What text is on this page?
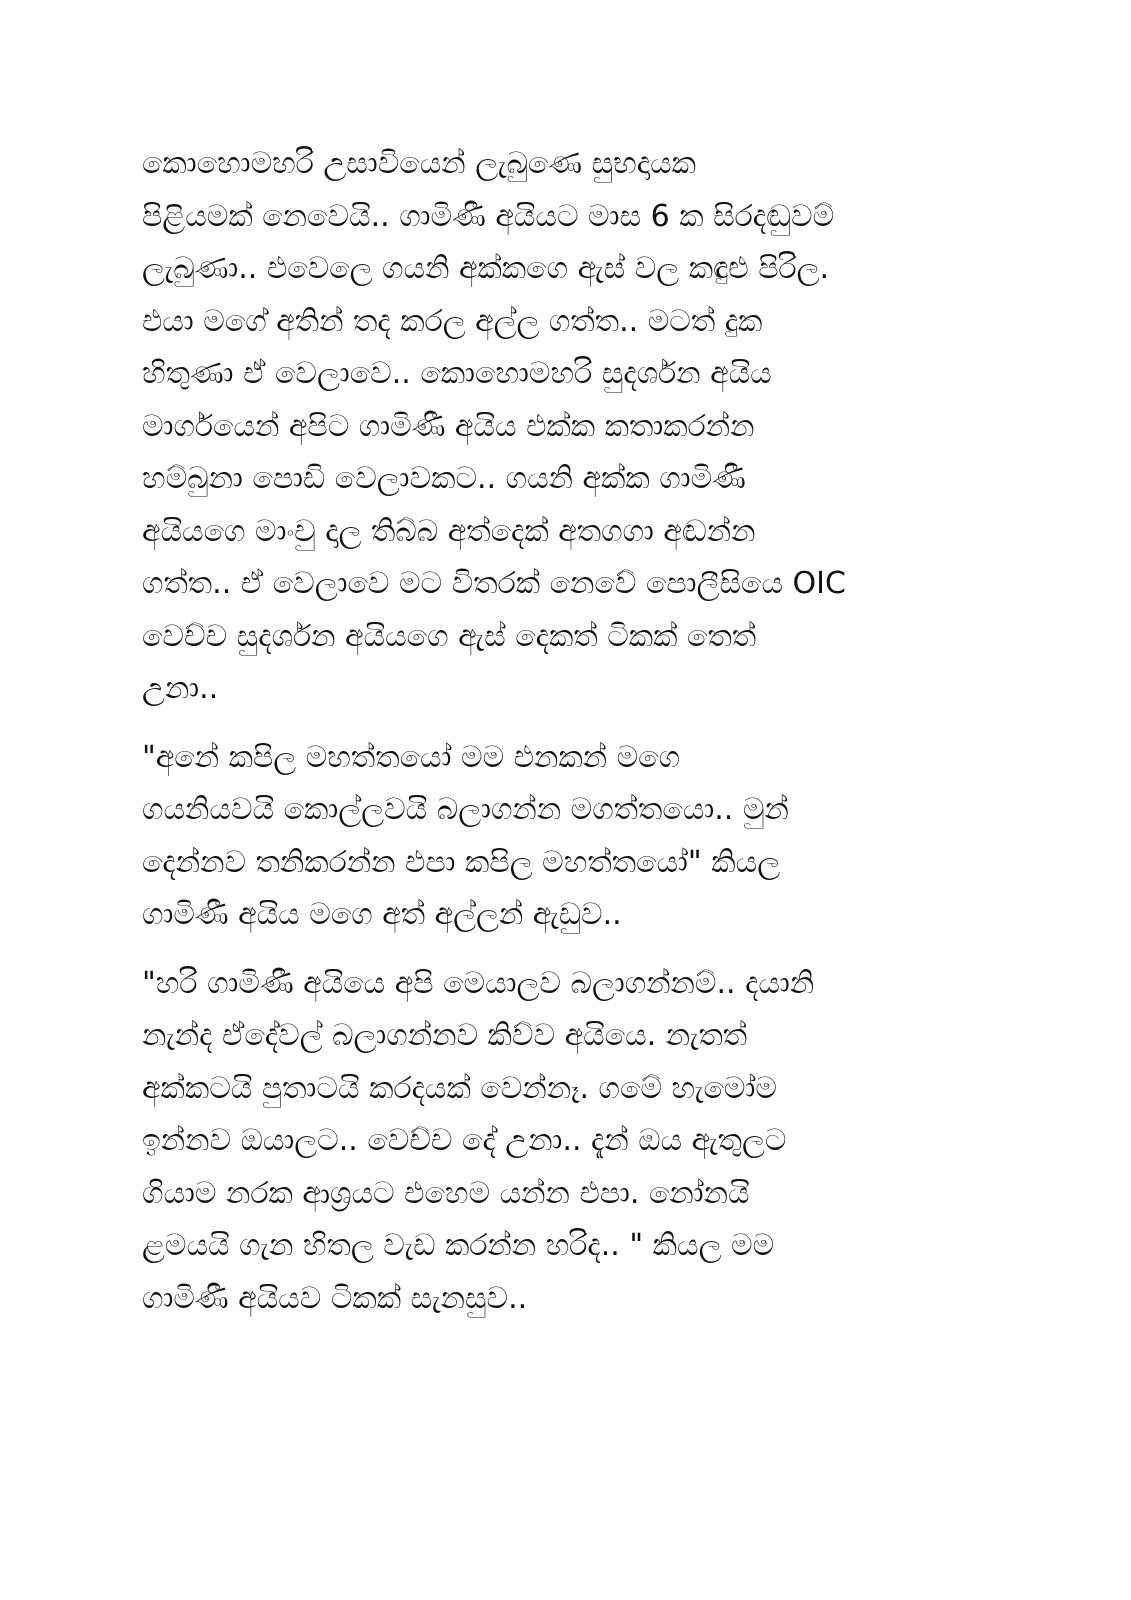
කොහොමහරි උසාවියෙන් ලැබුණෙ සුභදායක
පිළියමක් නෙවෙයි.. ගාමිණී අයියට මාස 6 ක සිරදඬුවම්
ලැබුණා.. එවෙලෙ ගයනි අක්කගෙ ඇස් වල කඳුළු පිරිල.
එයා මගේ අතින් තද කරල අල්ල ගත්ත.. මටත් දුක
හිතුණා ඒ වෙලාවෙ.. කොහොමහරි සුදර්ශන අයිය
මාර්ගයෙන් අපිට ගාමිණී අයිය එක්ක කතාකරන්න
හම්බුනා පොඩි වෙලාවකට.. ගයනි අක්ක ගාමිණී
අයියගෙ මාංචු දාල තිබ්බ අත්දෙක් අතගගා අඬන්න
ගත්ත.. ඒ වෙලාවෙ මට විතරක් නෙවේ පොලීසියෙ OIC
වෙච්ච සුදර්ශන අයියගෙ ඇස් දෙකත් ටිකක් තෙත්
උනා..

"අනේ කපිල මහත්තයෝ මම එනකන් මගෙ
ගයනියවයි කොල්ලවයි බලාගන්න මගත්තයො.. මුන්
දෙන්නව තනිකරන්න එපා කපිල මහත්තයෝ" කියල
ගාමිණී අයිය මගෙ අත් අල්ලන් ඇඩුව..

"හරි ගාමිණී අයියෙ අපි මෙයාලව බලාගන්නම්.. දයානි
නැන්ද ඒදේවල් බලාගන්නව කිව්ව අයියෙ. නැතත්
අක්කටයි පුතාටයි කරදයක් වෙන්නෑ. ගමේ හැමෝම
ඉන්නව ඔයාලට.. වෙච්ච දේ උනා.. දැන් ඔය ඇතුලට
ගියාම නරක ආශ්‍රයට එහෙම යන්න එපා. නෝනයි
ළමයයි ගැන හිතල වැඩ කරන්න හරිද.. " කියල මම
ගාමිණී අයියව ටිකක් සැනසුව..
